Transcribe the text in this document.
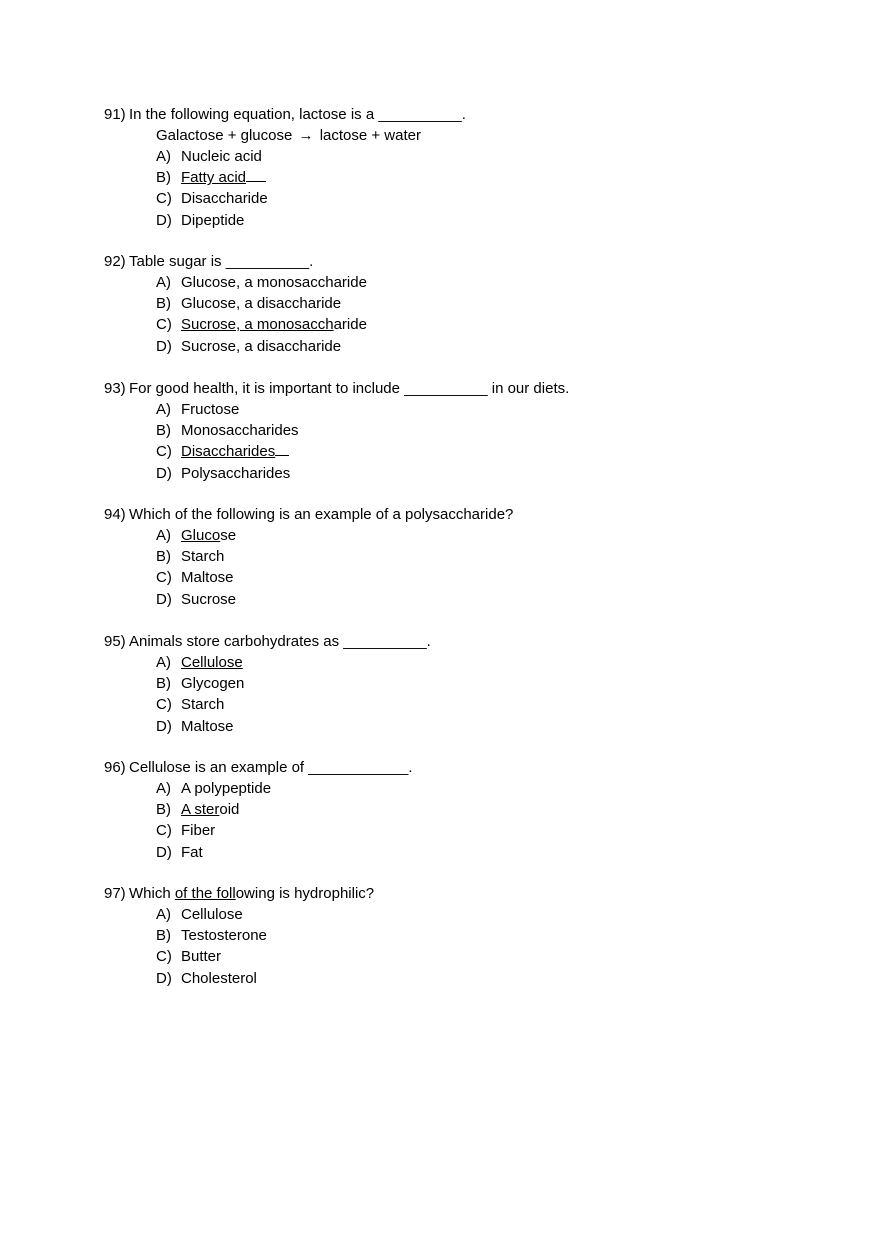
91) In the following equation, lactose is a __________.
Galactose + glucose → lactose + water
A) Nucleic acid
B) Fatty acid
C) Disaccharide
D) Dipeptide
92) Table sugar is __________.
A) Glucose, a monosaccharide
B) Glucose, a disaccharide
C) Sucrose, a monosaccharide
D) Sucrose, a disaccharide
93) For good health, it is important to include __________ in our diets.
A) Fructose
B) Monosaccharides
C) Disaccharides
D) Polysaccharides
94) Which of the following is an example of a polysaccharide?
A) Glucose
B) Starch
C) Maltose
D) Sucrose
95) Animals store carbohydrates as __________.
A) Cellulose
B) Glycogen
C) Starch
D) Maltose
96) Cellulose is an example of ____________.
A) A polypeptide
B) A steroid
C) Fiber
D) Fat
97) Which of the following is hydrophilic?
A) Cellulose
B) Testosterone
C) Butter
D) Cholesterol
